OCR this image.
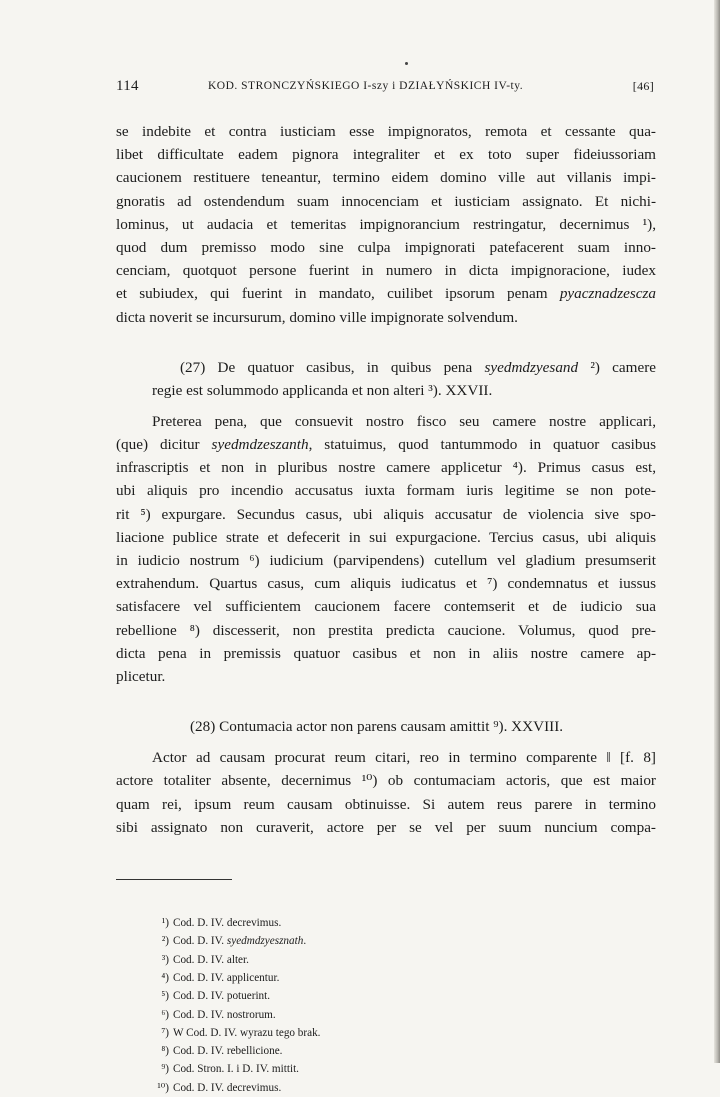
114	KOD. STRONCZYŃSKIEGO I-szy i DZIAŁYŃSKICH IV-ty.	[46]
se indebite et contra iusticiam esse impignoratos, remota et cessante qua-
libet difficultate eadem pignora integraliter et ex toto super fideiussoriam
caucionem restituere teneantur, termino eidem domino ville aut villanis impi-
gnoratis ad ostendendum suam innocenciam et iusticiam assignato. Et nichi-
lominus, ut audacia et temeritas impignorancium restringatur, decernimus ¹),
quod dum premisso modo sine culpa impignorati patefacerent suam inno-
cenciam, quotquot persone fuerint in numero in dicta impignoracione, iudex
et subiudex, qui fuerint in mandato, cuilibet ipsorum penam pyacznadzescza
dicta noverit se incursurum, domino ville impignorate solvendum.
(27) De quatuor casibus, in quibus pena syedmdzyesand ²) camere
regie est solummodo applicanda et non alteri ³). XXVII.
Preterea pena, que consuevit nostro fisco seu camere nostre applicari,
(que) dicitur syedmdzeszanth, statuimus, quod tantummodo in quatuor casibus
infrascriptis et non in pluribus nostre camere applicetur ⁴). Primus casus est,
ubi aliquis pro incendio accusatus iuxta formam iuris legitime se non pote-
rit ⁵) expurgare. Secundus casus, ubi aliquis accusatur de violencia sive spo-
liacione publice strate et defecerit in sui expurgacione. Tercius casus, ubi aliquis
in iudicio nostrum ⁶) iudicium (parvipendens) cutellum vel gladium presumserit
extrahendum. Quartus casus, cum aliquis iudicatus et ⁷) condemnatus et iussus
satisfacere vel sufficientem caucionem facere contemserit et de iudicio sua
rebellione ⁸) discesserit, non prestita predicta caucione. Volumus, quod pre-
dicta pena in premissis quatuor casibus et non in aliis nostre camere ap-
plicetur.
(28) Contumacia actor non parens causam amittit ⁹). XXVIII.
Actor ad causam procurat reum citari, reo in termino comparente ‖ [f. 8]
actore totaliter absente, decernimus ¹⁰) ob contumaciam actoris, que est maior
quam rei, ipsum reum causam obtinuisse. Si autem reus parere in termino
sibi assignato non curaverit, actore per se vel per suum nuncium compa-
¹) Cod. D. IV. decrevimus.
²) Cod. D. IV. syedmdzyesznath.
³) Cod. D. IV. alter.
⁴) Cod. D. IV. applicentur.
⁵) Cod. D. IV. potuerint.
⁶) Cod. D. IV. nostrorum.
⁷) W Cod. D. IV. wyrazu tego brak.
⁸) Cod. D. IV. rebellicione.
⁹) Cod. Stron. I. i D. IV. mittit.
¹⁰) Cod. D. IV. decrevimus.
